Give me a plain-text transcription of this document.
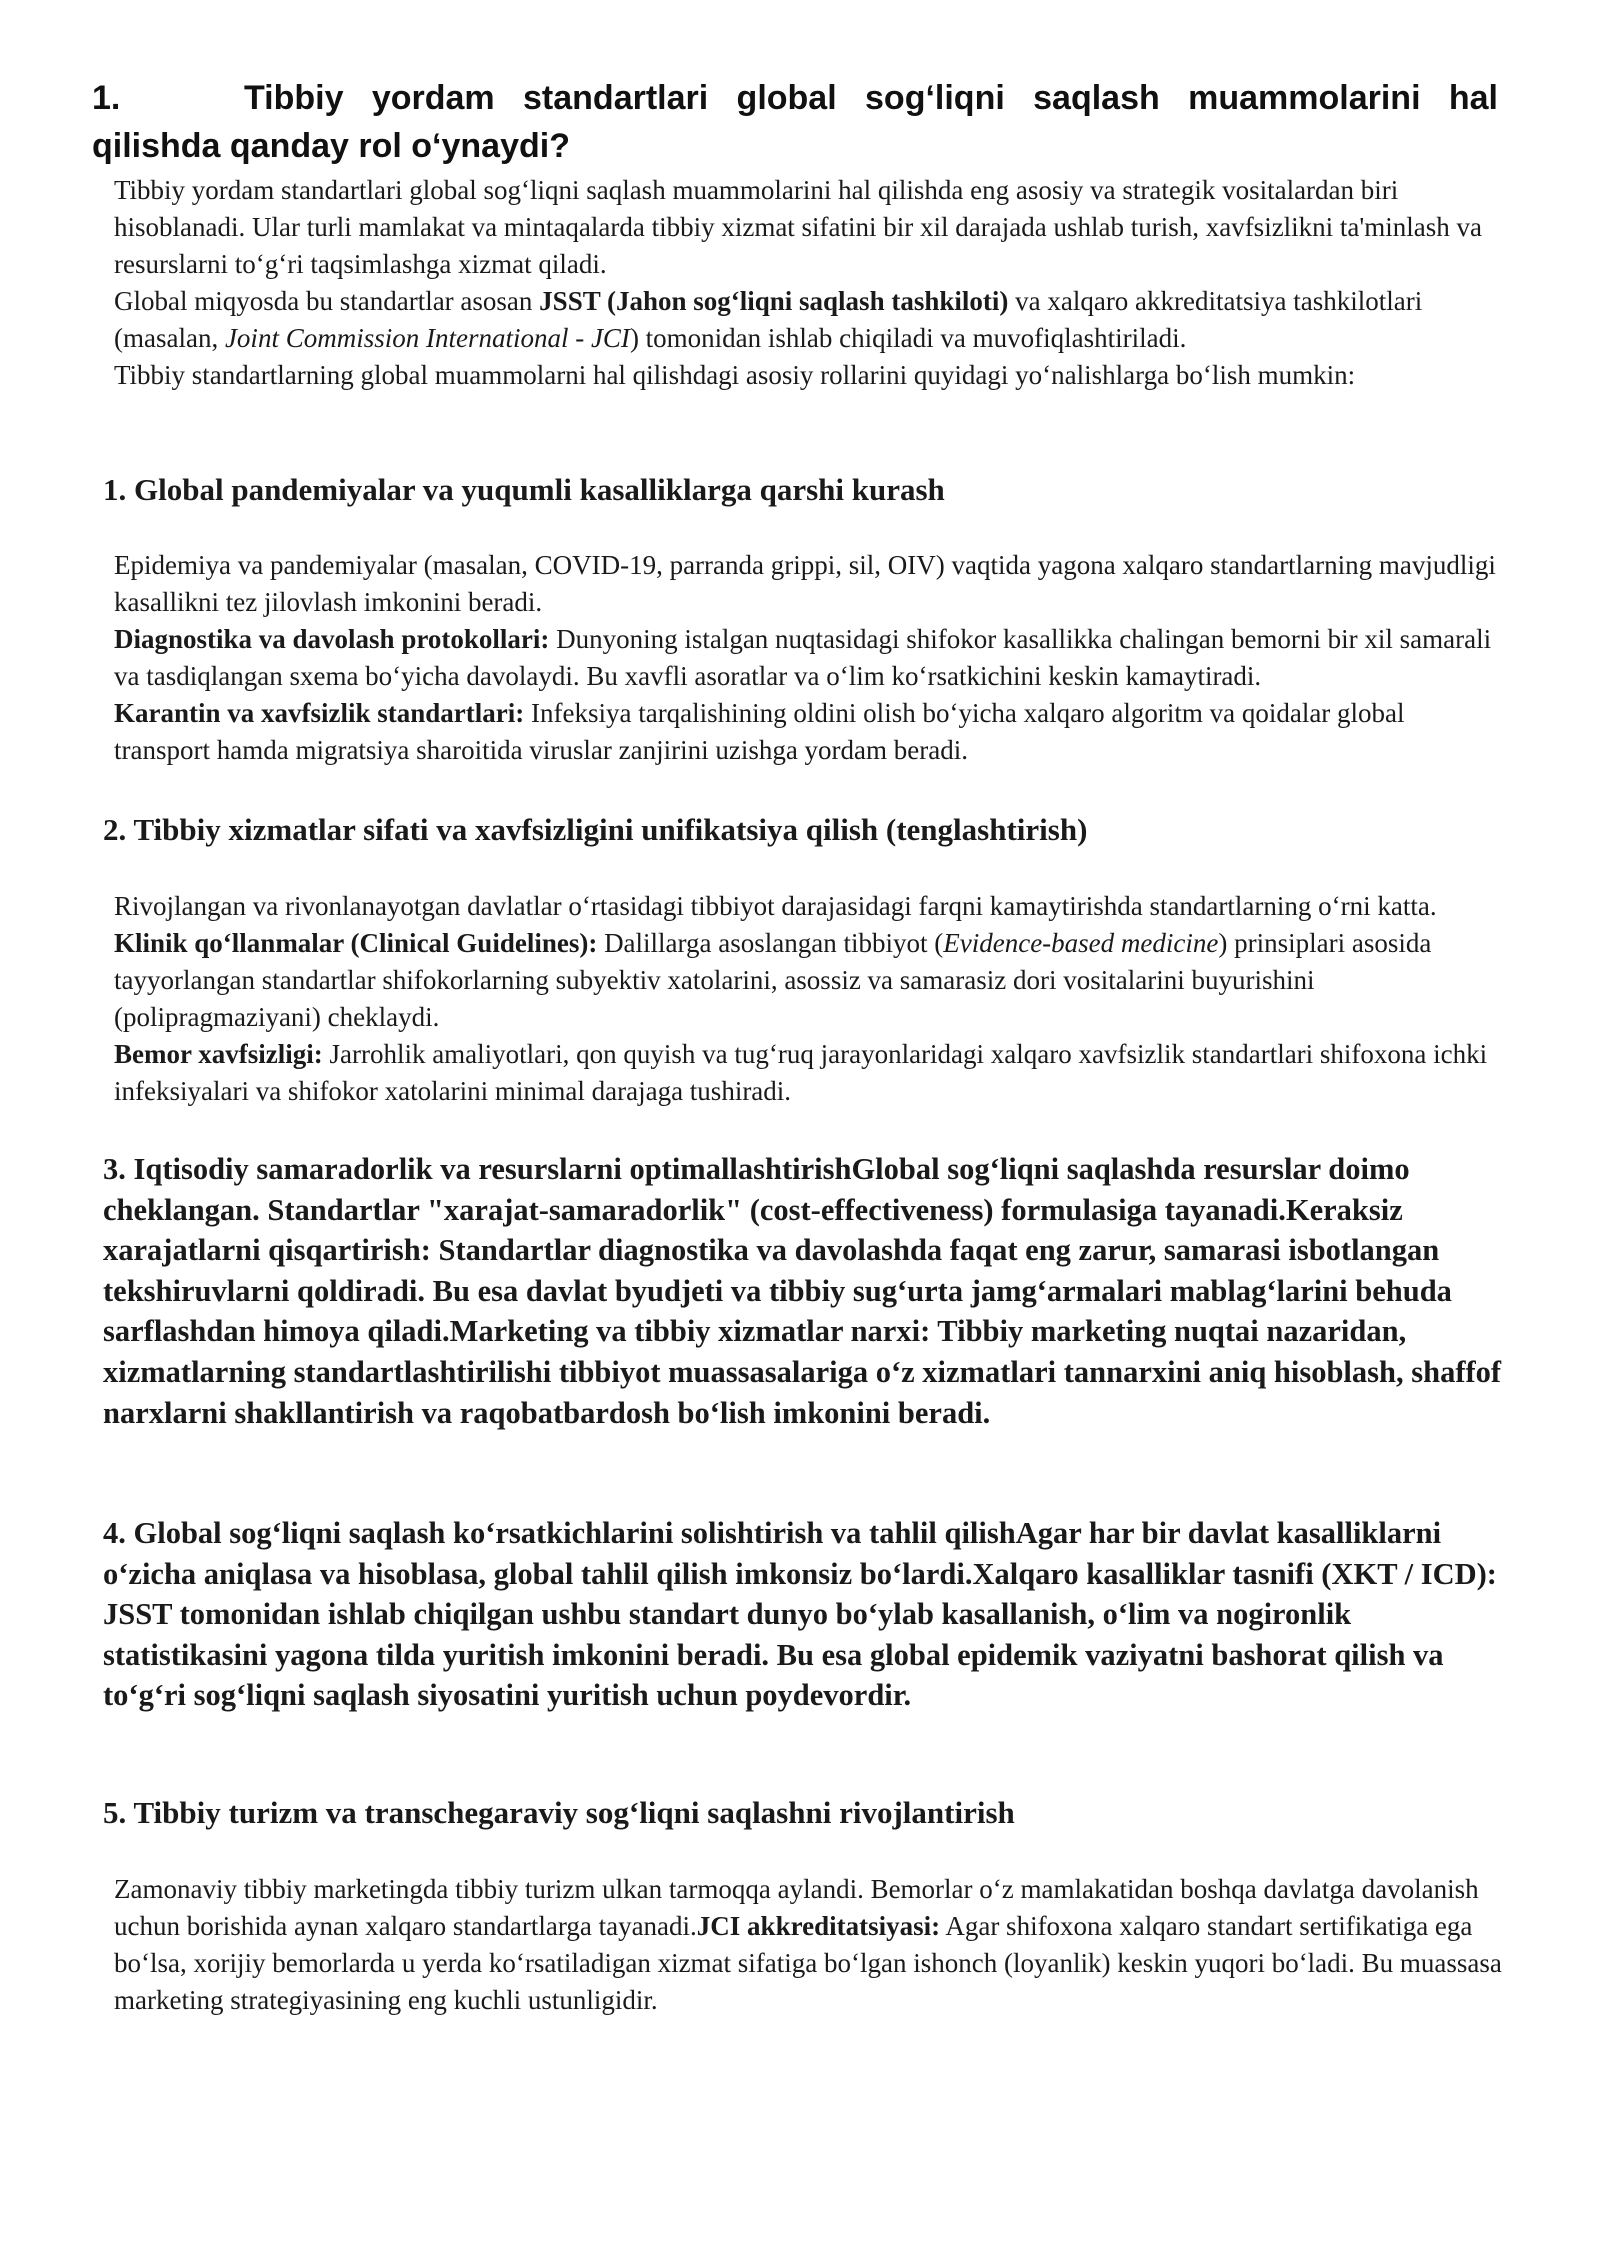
1.	Tibbiy yordam standartlari global sog‘liqni saqlash muammolarini hal qilishda qanday rol o‘ynaydi?

Tibbiy yordam standartlari global sog‘liqni saqlash muammolarini hal qilishda eng asosiy va strategik vositalardan biri hisoblanadi. Ular turli mamlakat va mintaqalarda tibbiy xizmat sifatini bir xil darajada ushlab turish, xavfsizlikni ta'minlash va resurslarni to‘g‘ri taqsimlashga xizmat qiladi.

Global miqyosda bu standartlar asosan JSST (Jahon sog‘liqni saqlash tashkiloti) va xalqaro akkreditatsiya tashkilotlari (masalan, Joint Commission International - JCI) tomonidan ishlab chiqiladi va muvofiqlashtiriladi.

Tibbiy standartlarning global muammolarni hal qilishdagi asosiy rollarini quyidagi yo‘nalishlarga bo‘lish mumkin:

1. Global pandemiyalar va yuqumli kasalliklarga qarshi kurash

Epidemiya va pandemiyalar (masalan, COVID-19, parranda grippi, sil, OIV) vaqtida yagona xalqaro standartlarning mavjudligi kasallikni tez jilovlash imkonini beradi.

Diagnostika va davolash protokollari: Dunyoning istalgan nuqtasidagi shifokor kasallikka chalingan bemorni bir xil samarali va tasdiqlangan sxema bo‘yicha davolaydi. Bu xavfli asoratlar va o‘lim ko‘rsatkichini keskin kamaytiradi.

Karantin va xavfsizlik standartlari: Infeksiya tarqalishining oldini olish bo‘yicha xalqaro algoritm va qoidalar global transport hamda migratsiya sharoitida viruslar zanjirini uzishga yordam beradi.

2. Tibbiy xizmatlar sifati va xavfsizligini unifikatsiya qilish (tenglashtirish)

Rivojlangan va rivonlanayotgan davlatlar o‘rtasidagi tibbiyot darajasidagi farqni kamaytirishda standartlarning o‘rni katta.

Klinik qo‘llanmalar (Clinical Guidelines): Dalillarga asoslangan tibbiyot (Evidence-based medicine) prinsiplari asosida tayyorlangan standartlar shifokorlarning subyektiv xatolarini, asossiz va samarasiz dori vositalarini buyurishini (polipragmaziyani) cheklaydi.

Bemor xavfsizligi: Jarrohlik amaliyotlari, qon quyish va tug‘ruq jarayonlaridagi xalqaro xavfsizlik standartlari shifoxona ichki infeksiyalari va shifokor xatolarini minimal darajaga tushiradi.

3. Iqtisodiy samaradorlik va resurslarni optimallashtirishGlobal sog‘liqni saqlashda resurslar doimo cheklangan. Standartlar "xarajat-samaradorlik" (cost-effectiveness) formulasiga tayanadi.Keraksiz xarajatlarni qisqartirish: Standartlar diagnostika va davolashda faqat eng zarur, samarasi isbotlangan tekshiruvlarni qoldiradi. Bu esa davlat byudjeti va tibbiy sug‘urta jamg‘armalari mablag‘larini behuda sarflashdan himoya qiladi.Marketing va tibbiy xizmatlar narxi: Tibbiy marketing nuqtai nazaridan, xizmatlarning standartlashtirilishi tibbiyot muassasalariga o‘z xizmatlari tannarxini aniq hisoblash, shaffof narxlarni shakllantirish va raqobatbardosh bo‘lish imkonini beradi.

4. Global sog‘liqni saqlash ko‘rsatkichlarini solishtirish va tahlil qilishAgar har bir davlat kasalliklarni o‘zicha aniqlasa va hisoblasa, global tahlil qilish imkonsiz bo‘lardi.Xalqaro kasalliklar tasnifi (XKT / ICD): JSST tomonidan ishlab chiqilgan ushbu standart dunyo bo‘ylab kasallanish, o‘lim va nogironlik statistikasini yagona tilda yuritish imkonini beradi. Bu esa global epidemik vaziyatni bashorat qilish va to‘g‘ri sog‘liqni saqlash siyosatini yuritish uchun poydevordir.

5. Tibbiy turizm va transchegaraviy sog‘liqni saqlashni rivojlantirish

Zamonaviy tibbiy marketingda tibbiy turizm ulkan tarmoqqa aylandi. Bemorlar o‘z mamlakatidan boshqa davlatga davolanish uchun borishida aynan xalqaro standartlarga tayanadi.JCI akkreditatsiyasi: Agar shifoxona xalqaro standart sertifikatiga ega bo‘lsa, xorijiy bemorlarda u yerda ko‘rsatiladigan xizmat sifatiga bo‘lgan ishonch (loyanlik) keskin yuqori bo‘ladi. Bu muassasa marketing strategiyasining eng kuchli ustunligidir.
